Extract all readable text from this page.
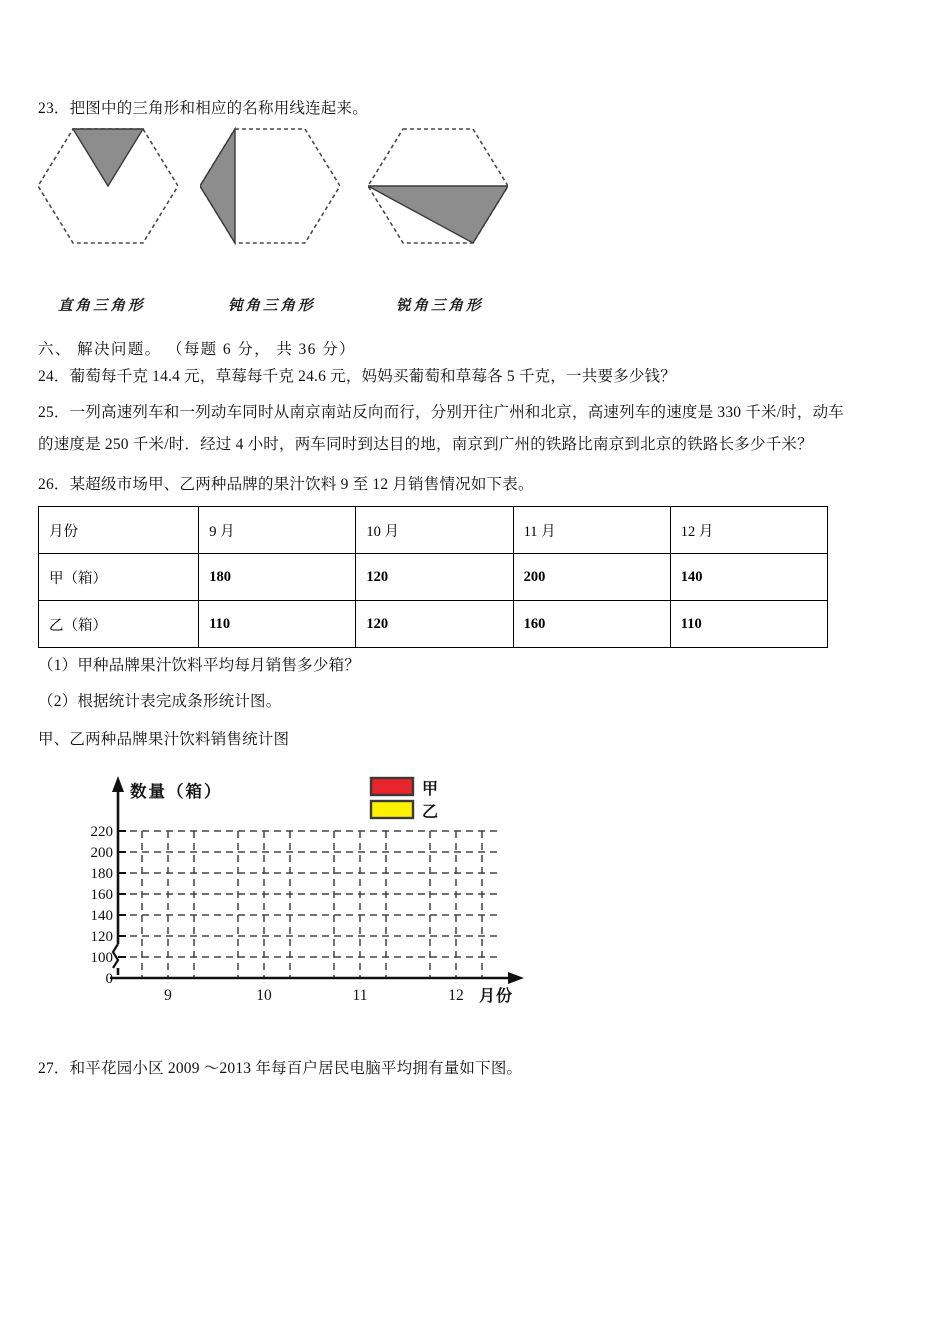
23．把图中的三角形和相应的名称用线连起来。
直角三角形	钝角三角形	锐角三角形
六、 解决问题。 （每题 6 分， 共 36 分）
24．葡萄每千克 14.4 元，草莓每千克 24.6 元，妈妈买葡萄和草莓各 5 千克，一共要多少钱？
25．一列高速列车和一列动车同时从南京南站反向而行，分别开往广州和北京，高速列车的速度是 330 千米/时，动车
的速度是 250 千米/时．经过 4 小时，两车同时到达目的地，南京到广州的铁路比南京到北京的铁路长多少千米？
26．某超级市场甲、乙两种品牌的果汁饮料 9 至 12 月销售情况如下表。
月份	9 月	10 月	11 月	12 月
甲（箱）	180	120	200	140
乙（箱）	110	120	160	110
（1）甲种品牌果汁饮料平均每月销售多少箱？
（2）根据统计表完成条形统计图。
甲、乙两种品牌果汁饮料销售统计图
220
200
180
160
140
120
100
0
数量（箱）
9	10	11	12 月份
甲
乙
27．和平花园小区 2009 ～2013 年每百户居民电脑平均拥有量如下图。
